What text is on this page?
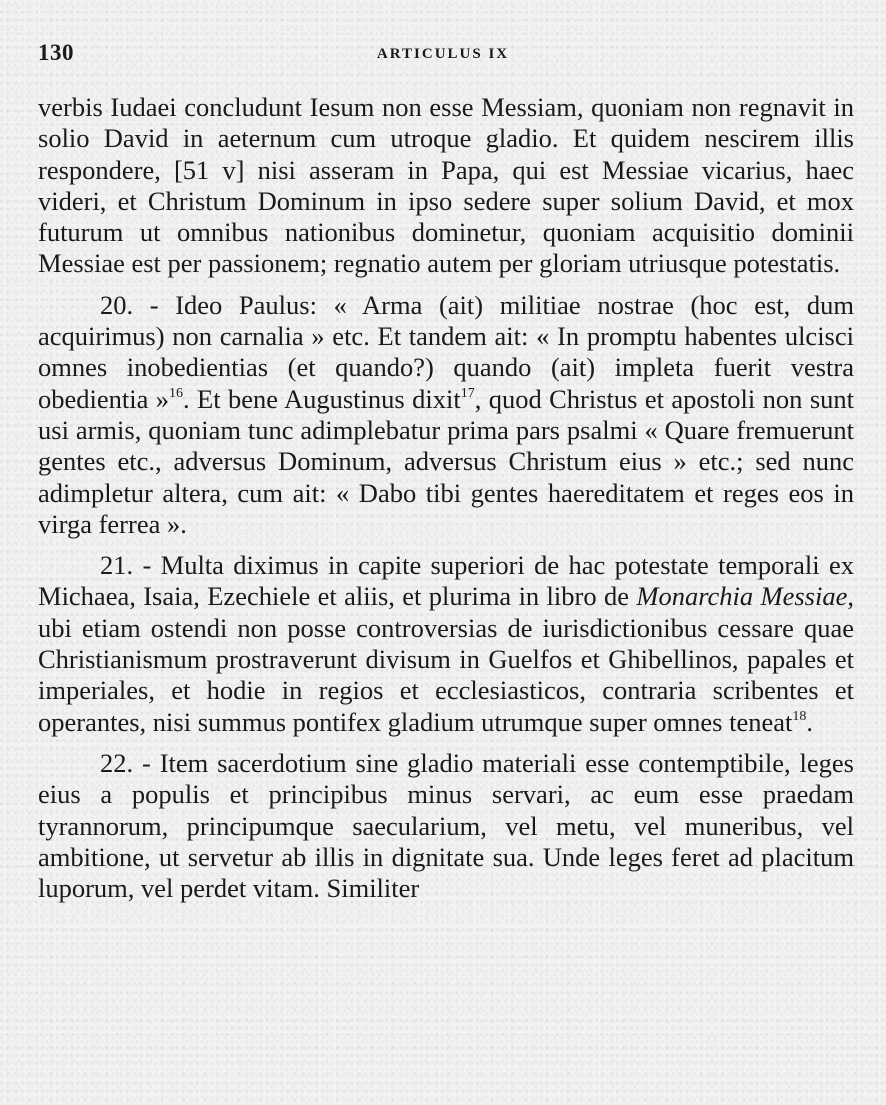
130	ARTICULUS IX

verbis Iudaei concludunt Iesum non esse Messiam, quoniam non regnavit in solio David in aeternum cum utroque gladio. Et quidem nescirem illis respondere, [51 v] nisi asseram in Papa, qui est Messiae vicarius, haec videri, et Christum Dominum in ipso sedere super solium David, et mox futurum ut omnibus nationibus dominetur, quoniam acquisitio dominii Messiae est per passionem; regnatio autem per gloriam utriusque potestatis.

20. - Ideo Paulus: « Arma (ait) militiae nostrae (hoc est, dum acquirimus) non carnalia » etc. Et tandem ait: « In promptu habentes ulcisci omnes inobedientias (et quando?) quando (ait) impleta fuerit vestra obedientia »$^{16}$. Et bene Augustinus dixit$^{17}$, quod Christus et apostoli non sunt usi armis, quoniam tunc adimplebatur prima pars psalmi « Quare fremuerunt gentes etc., adversus Dominum, adversus Christum eius » etc.; sed nunc adimpletur altera, cum ait: « Dabo tibi gentes haereditatem et reges eos in virga ferrea ».

21. - Multa diximus in capite superiori de hac potestate temporali ex Michaea, Isaia, Ezechiele et aliis, et plurima in libro de Monarchia Messiae, ubi etiam ostendi non posse controversias de iurisdictionibus cessare quae Christianismum prostraverunt divisum in Guelfos et Ghibellinos, papales et imperiales, et hodie in regios et ecclesiasticos, contraria scribentes et operantes, nisi summus pontifex gladium utrumque super omnes teneat$^{18}$.

22. - Item sacerdotium sine gladio materiali esse contemptibile, leges eius a populis et principibus minus servari, ac eum esse praedam tyrannorum, principumque saecularium, vel metu, vel muneribus, vel ambitione, ut servetur ab illis in dignitate sua. Unde leges feret ad placitum luporum, vel perdet vitam. Similiter
